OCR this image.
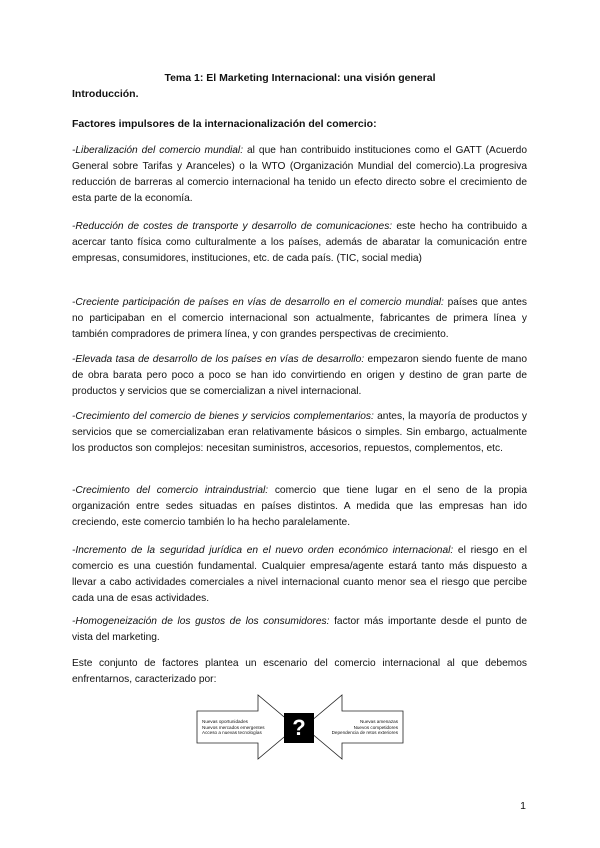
Tema 1: El Marketing Internacional: una visión general
Introducción.
Factores impulsores de la internacionalización del comercio:

-Liberalización del comercio mundial: al que han contribuido instituciones como el GATT (Acuerdo General sobre Tarifas y Aranceles) o la WTO (Organización Mundial del comercio).La progresiva reducción de barreras al comercio internacional ha tenido un efecto directo sobre el crecimiento de esta parte de la economía.

-Reducción de costes de transporte y desarrollo de comunicaciones: este hecho ha contribuido a acercar tanto física como culturalmente a los países, además de abaratar la comunicación entre empresas, consumidores, instituciones, etc. de cada país. (TIC, social media)

-Creciente participación de países en vías de desarrollo en el comercio mundial: países que antes no participaban en el comercio internacional son actualmente, fabricantes de primera línea y también compradores de primera línea, y con grandes perspectivas de crecimiento.

-Elevada tasa de desarrollo de los países en vías de desarrollo: empezaron siendo fuente de mano de obra barata pero poco a poco se han ido convirtiendo en origen y destino de gran parte de productos y servicios que se comercializan a nivel internacional.

-Crecimiento del comercio de bienes y servicios complementarios: antes, la mayoría de productos y servicios que se comercializaban eran relativamente básicos o simples. Sin embargo, actualmente los productos son complejos: necesitan suministros, accesorios, repuestos, complementos, etc.

-Crecimiento del comercio intraindustrial: comercio que tiene lugar en el seno de la propia organización entre sedes situadas en países distintos. A medida que las empresas han ido creciendo, este comercio también lo ha hecho paralelamente.

-Incremento de la seguridad jurídica en el nuevo orden económico internacional: el riesgo en el comercio es una cuestión fundamental. Cualquier empresa/agente estará tanto más dispuesto a llevar a cabo actividades comerciales a nivel internacional cuanto menor sea el riesgo que percibe cada una de esas actividades.

-Homogeneización de los gustos de los consumidores: factor más importante desde el punto de vista del marketing.

Este conjunto de factores plantea un escenario del comercio internacional al que debemos enfrentarnos, caracterizado por:

Nuevas oportunidades
Nuevos mercados emergentes
Acceso a nuevas tecnologías
Nuevas amenazas
Nuevos competidores
Dependencia de retos exteriores
?
1
